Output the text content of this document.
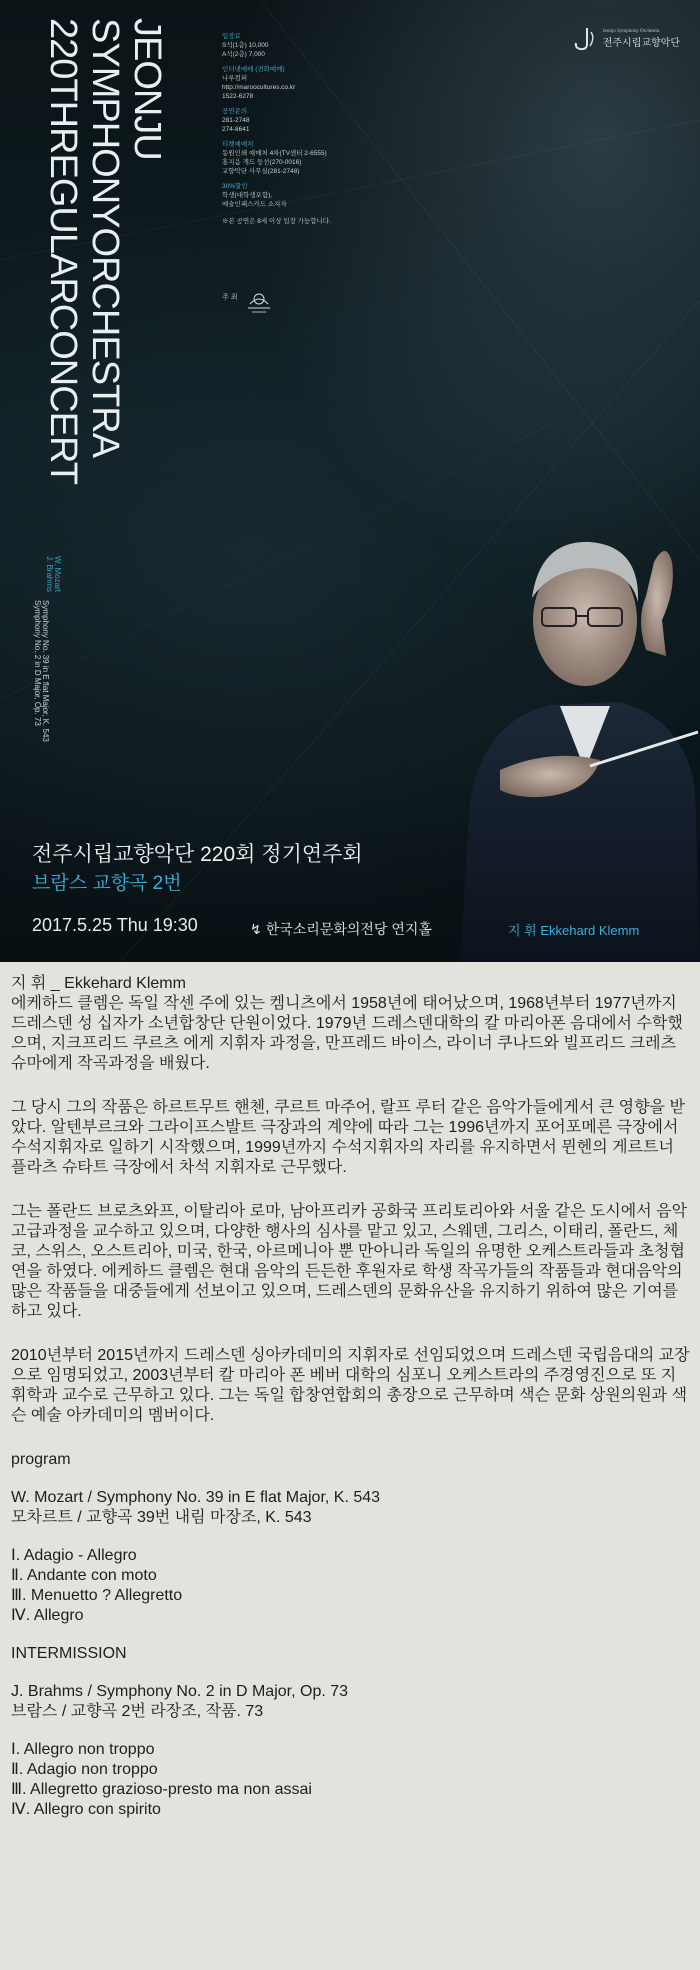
JEONJU
SYMPHONYORCHESTRA
220THREGULARCONCERT
W. Mozart
J. Brahms
Symphony No. 39 in E flat Major, K. 543
Symphony No. 2 in D Major, Op. 73
입장료
S석(1층) 10,000
A석(2층) 7,000
인터넷예매 (전화예매)
나루컴퍼
http://maroocultures.co.kr
1522-6278
공연문의
281-2748
274-8641
티켓예매처
동원인쇄 예매처 4차(TV센터 2-6555)
홍지음 개드 둥선(270-0016)
교향악단 사무실(281-2748)
30%할인
학생(대학생포함),
예술인패스카드 소지자
※본 공연은 8세 이상 입장 가능합니다.
주 최
Jeonju Symphony Orchestra
전주시립교향악단
전주시립교향악단 220회 정기연주회
브람스 교향곡 2번
2017.5.25 Thu 19:30	↯ 한국소리문화의전당 연지홀	지 휘 Ekkehard Klemm

지 휘 _ Ekkehard Klemm

에케하드 클렘은 독일 작센 주에 있는 켐니츠에서 1958년에 태어났으며, 1968년부터 1977년까지 드레스덴 성 십자가 소년합창단 단원이었다. 1979년 드레스덴대학의 칼 마리아폰 음대에서 수학했으며, 지크프리드 쿠르츠 에게 지휘자 과정을, 만프레드 바이스, 라이너 쿠나드와 빌프리드 크레츠슈마에게 작곡과정을 배웠다.

그 당시 그의 작품은 하르트무트 핸첸, 쿠르트 마주어, 랄프 루터 같은 음악가들에게서 큰 영향을 받았다. 알텐부르크와 그라이프스발트 극장과의 계약에 따라 그는 1996년까지 포어포메른 극장에서 수석지휘자로 일하기 시작했으며, 1999년까지 수석지휘자의 자리를 유지하면서 뮌헨의 게르트너 플라츠 슈타트 극장에서 차석 지휘자로 근무했다.

그는 폴란드 브로츠와프, 이탈리아 로마, 남아프리카 공화국 프리토리아와 서울 같은 도시에서 음악고급과정을 교수하고 있으며, 다양한 행사의 심사를 맡고 있고, 스웨덴, 그리스, 이태리, 폴란드, 체코, 스위스, 오스트리아, 미국, 한국, 아르메니아 뿐 만아니라 독일의 유명한 오케스트라들과 초청협연을 하였다. 에케하드 클렘은 현대 음악의 든든한 후원자로 학생 작곡가들의 작품들과 현대음악의 많은 작품들을 대중들에게 선보이고 있으며, 드레스덴의 문화유산을 유지하기 위하여 많은 기여를 하고 있다.

2010년부터 2015년까지 드레스덴 싱아카데미의 지휘자로 선임되었으며 드레스덴 국립음대의 교장으로 임명되었고, 2003년부터 칼 마리아 폰 베버 대학의 심포니 오케스트라의 주경영진으로 또 지휘학과 교수로 근무하고 있다. 그는 독일 합창연합회의 총장으로 근무하며 색슨 문화 상원의원과 색슨 예술 아카데미의 멤버이다.

program

W. Mozart / Symphony No. 39 in E flat Major, K. 543

모차르트 / 교향곡 39번 내림 마장조, K. 543

Ⅰ. Adagio - Allegro

Ⅱ. Andante con moto

Ⅲ. Menuetto ? Allegretto

Ⅳ. Allegro

INTERMISSION

J. Brahms / Symphony No. 2 in D Major, Op. 73

브람스 / 교향곡 2번 라장조, 작품. 73

Ⅰ. Allegro non troppo

Ⅱ. Adagio non troppo

Ⅲ. Allegretto grazioso-presto ma non assai

Ⅳ. Allegro con spirito
